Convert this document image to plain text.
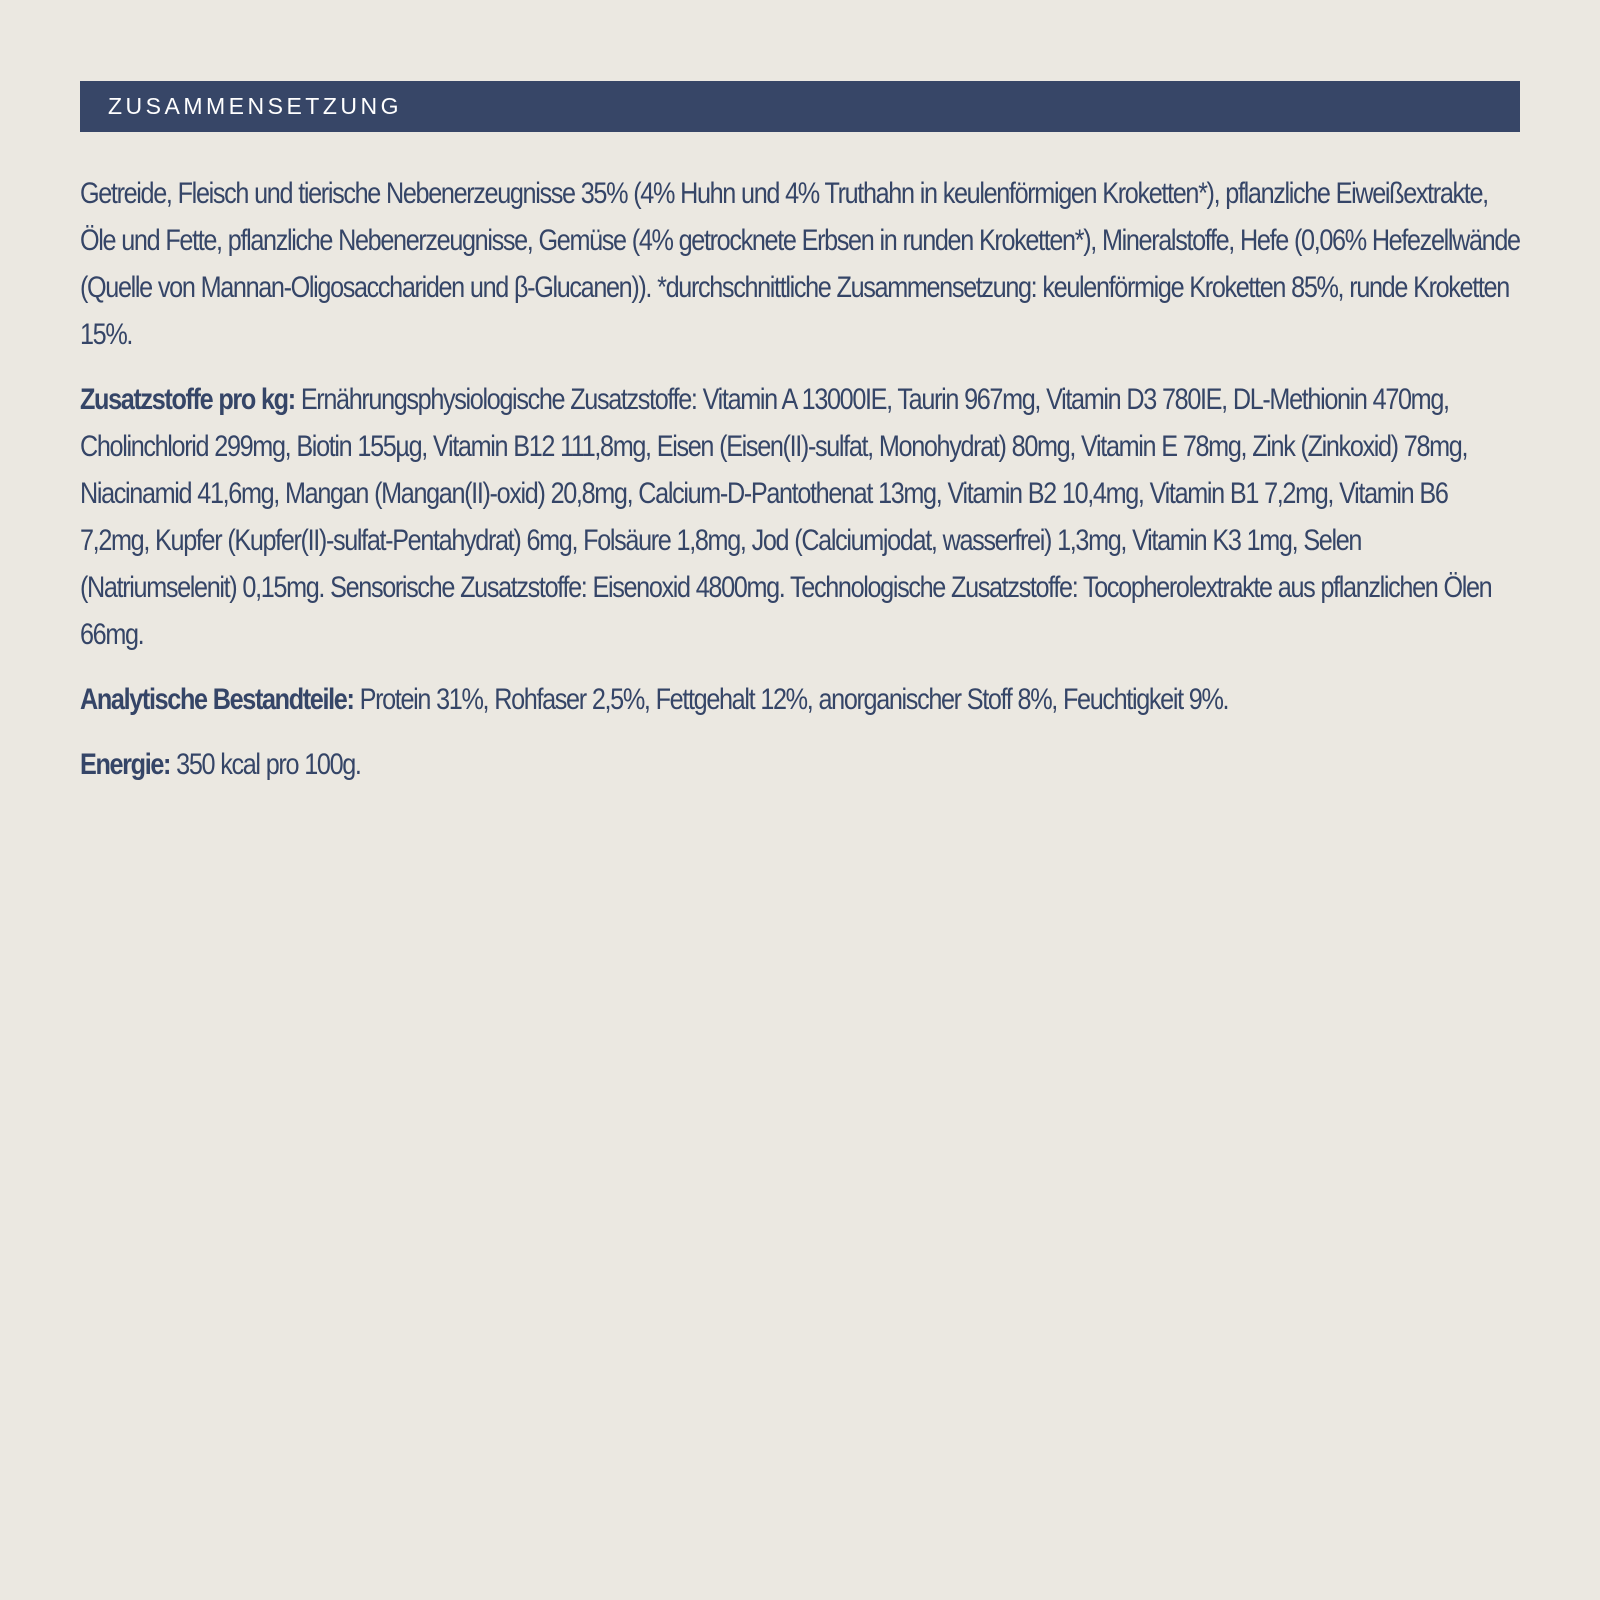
ZUSAMMENSETZUNG

Getreide, Fleisch und tierische Nebenerzeugnisse 35% (4% Huhn und 4% Truthahn in keulenförmigen Kroketten*), pflanzliche Eiweißextrakte, Öle und Fette, pflanzliche Nebenerzeugnisse, Gemüse (4% getrocknete Erbsen in runden Kroketten*), Mineralstoffe, Hefe (0,06% Hefezellwände (Quelle von Mannan-Oligosacchariden und β-Glucanen)). *durchschnittliche Zusammensetzung: keulenförmige Kroketten 85%, runde Kroketten 15%.

Zusatzstoffe pro kg: Ernährungsphysiologische Zusatzstoffe: Vitamin A 13000IE, Taurin 967mg, Vitamin D3 780IE, DL-Methionin 470mg, Cholinchlorid 299mg, Biotin 155µg, Vitamin B12 111,8mg, Eisen (Eisen(II)-sulfat, Monohydrat) 80mg, Vitamin E 78mg, Zink (Zinkoxid) 78mg, Niacinamid 41,6mg, Mangan (Mangan(II)-oxid) 20,8mg, Calcium-D-Pantothenat 13mg, Vitamin B2 10,4mg, Vitamin B1 7,2mg, Vitamin B6 7,2mg, Kupfer (Kupfer(II)-sulfat-Pentahydrat) 6mg, Folsäure 1,8mg, Jod (Calciumjodat, wasserfrei) 1,3mg, Vitamin K3 1mg, Selen (Natriumselenit) 0,15mg. Sensorische Zusatzstoffe: Eisenoxid 4800mg. Technologische Zusatzstoffe: Tocopherolextrakte aus pflanzlichen Ölen 66mg.

Analytische Bestandteile: Protein 31%, Rohfaser 2,5%, Fettgehalt 12%, anorganischer Stoff 8%, Feuchtigkeit 9%.

Energie: 350 kcal pro 100g.
